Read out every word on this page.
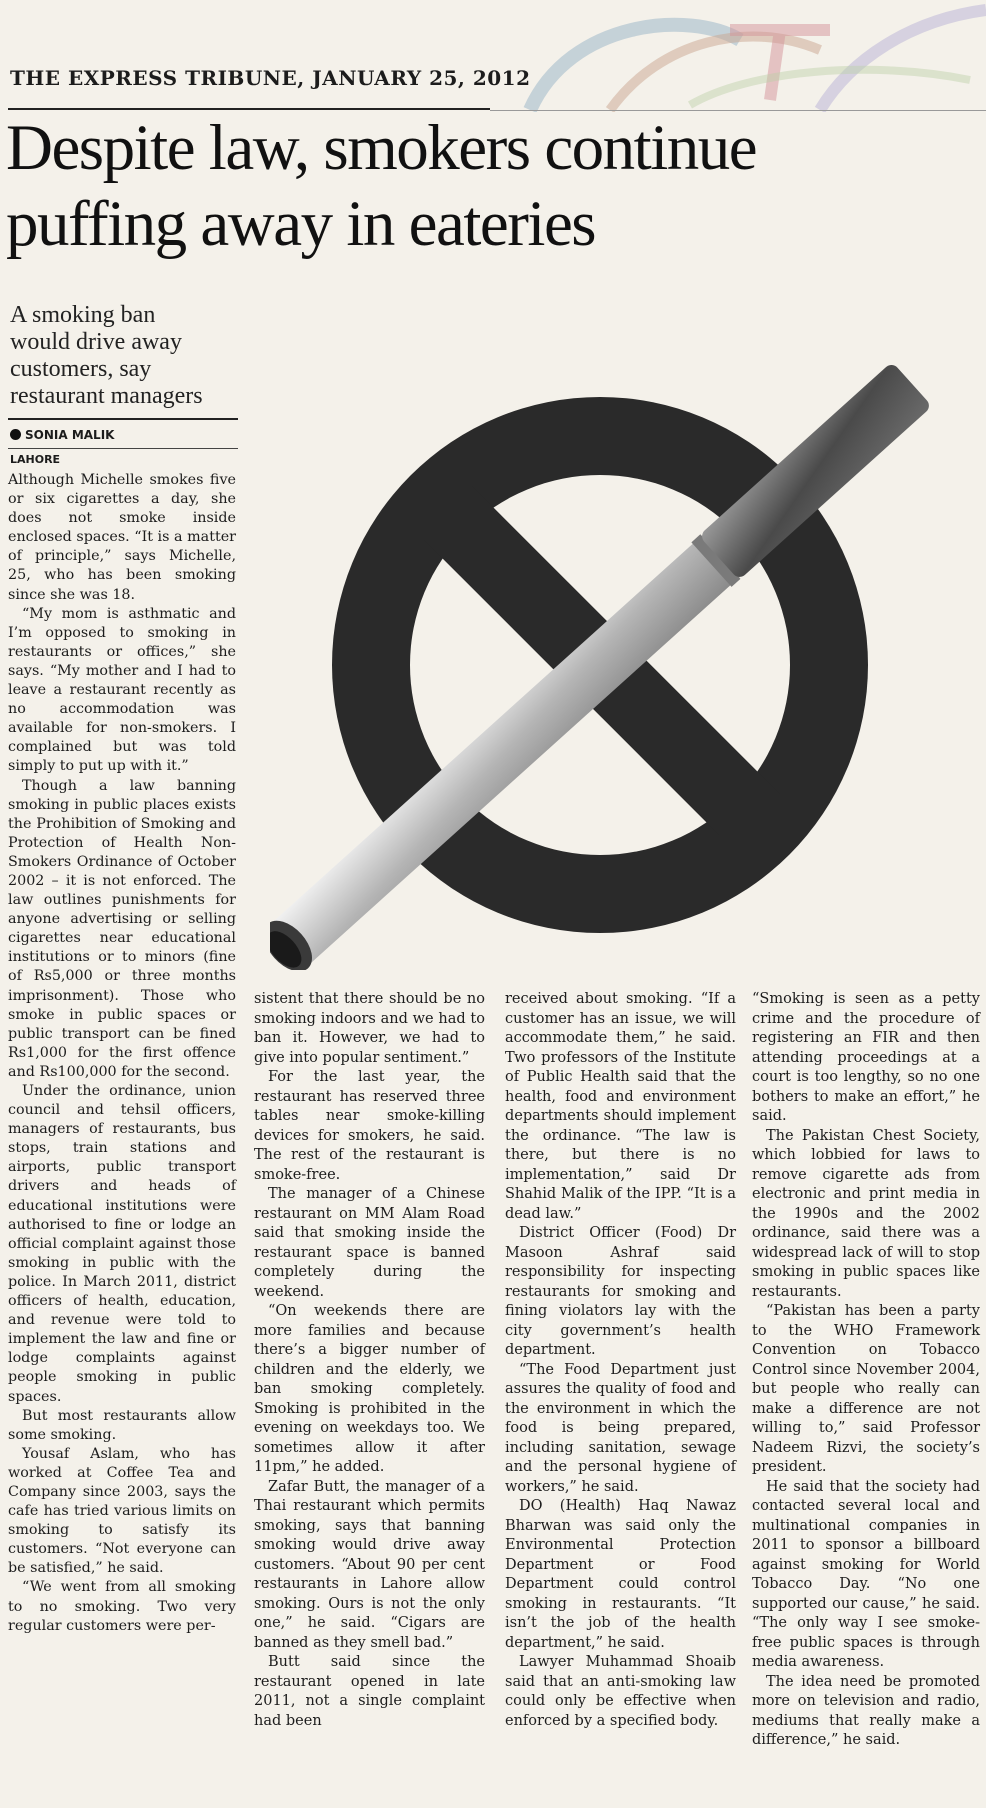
THE EXPRESS TRIBUNE, JANUARY 25, 2012
Despite law, smokers continue
puffing away in eateries
A smoking ban
would drive away
customers, say
restaurant managers
SONIA MALIK
LAHORE

Although Michelle smokes five or six cigarettes a day, she does not smoke inside enclosed spaces. “It is a matter of principle,” says Michelle, 25, who has been smoking since she was 18.

“My mom is asthmatic and I’m opposed to smoking in restaurants or offices,” she says. “My mother and I had to leave a restaurant recently as no accommodation was available for non-smokers. I complained but was told simply to put up with it.”

Though a law banning smoking in public places exists the Prohibition of Smoking and Protection of Health Non-Smokers Ordinance of October 2002 – it is not enforced. The law outlines punishments for anyone advertising or selling cigarettes near educational institutions or to minors (fine of Rs5,000 or three months imprisonment). Those who smoke in public spaces or public transport can be fined Rs1,000 for the first offence and Rs100,000 for the second.

Under the ordinance, union council and tehsil officers, managers of restaurants, bus stops, train stations and airports, public transport drivers and heads of educational institutions were authorised to fine or lodge an official complaint against those smoking in public with the police. In March 2011, district officers of health, education, and revenue were told to implement the law and fine or lodge complaints against people smoking in public spaces.

But most restaurants allow some smoking.

Yousaf Aslam, who has worked at Coffee Tea and Company since 2003, says the cafe has tried various limits on smoking to satisfy its customers. “Not everyone can be satisfied,” he said.

“We went from all smoking to no smoking. Two very regular customers were per-

sistent that there should be no smoking indoors and we had to ban it. However, we had to give into popular sentiment.”

For the last year, the restaurant has reserved three tables near smoke-killing devices for smokers, he said. The rest of the restaurant is smoke-free.

The manager of a Chinese restaurant on MM Alam Road said that smoking inside the restaurant space is banned completely during the weekend.

“On weekends there are more families and because there’s a bigger number of children and the elderly, we ban smoking completely. Smoking is prohibited in the evening on weekdays too. We sometimes allow it after 11pm,” he added.

Zafar Butt, the manager of a Thai restaurant which permits smoking, says that banning smoking would drive away customers. “About 90 per cent restaurants in Lahore allow smoking. Ours is not the only one,” he said. “Cigars are banned as they smell bad.”

Butt said since the restaurant opened in late 2011, not a single complaint had been

received about smoking. “If a customer has an issue, we will accommodate them,” he said. Two professors of the Institute of Public Health said that the health, food and environment departments should implement the ordinance. “The law is there, but there is no implementation,” said Dr Shahid Malik of the IPP. “It is a dead law.”

District Officer (Food) Dr Masoon Ashraf said responsibility for inspecting restaurants for smoking and fining violators lay with the city government’s health department.

“The Food Department just assures the quality of food and the environment in which the food is being prepared, including sanitation, sewage and the personal hygiene of workers,” he said.

DO (Health) Haq Nawaz Bharwan was said only the Environmental Protection Department or Food Department could control smoking in restaurants. “It isn’t the job of the health department,” he said.

Lawyer Muhammad Shoaib said that an anti-smoking law could only be effective when enforced by a specified body.

“Smoking is seen as a petty crime and the procedure of registering an FIR and then attending proceedings at a court is too lengthy, so no one bothers to make an effort,” he said.

The Pakistan Chest Society, which lobbied for laws to remove cigarette ads from electronic and print media in the 1990s and the 2002 ordinance, said there was a widespread lack of will to stop smoking in public spaces like restaurants.

“Pakistan has been a party to the WHO Framework Convention on Tobacco Control since November 2004, but people who really can make a difference are not willing to,” said Professor Nadeem Rizvi, the society’s president.

He said that the society had contacted several local and multinational companies in 2011 to sponsor a billboard against smoking for World Tobacco Day. “No one supported our cause,” he said. “The only way I see smoke-free public spaces is through media awareness.

The idea need be promoted more on television and radio, mediums that really make a difference,” he said.
